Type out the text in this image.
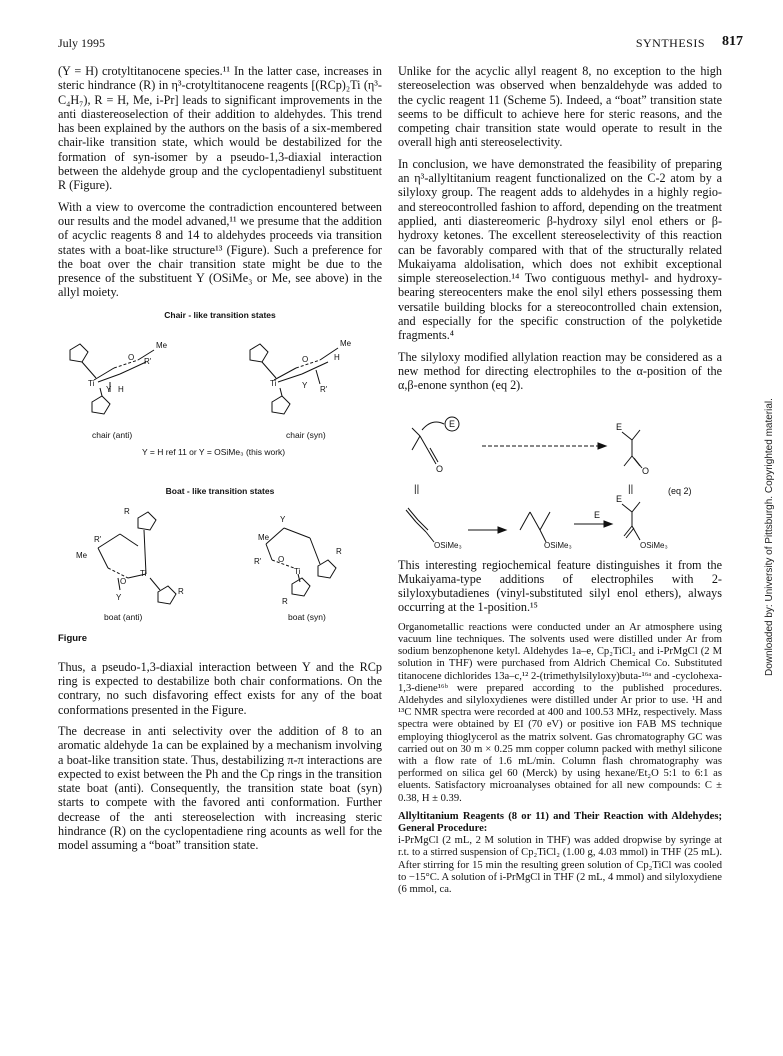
July 1995	SYNTHESIS 817

(Y = H) crotyltitanocene species.¹¹ In the latter case, increases in steric hindrance (R) in η³-crotyltitanocene reagents [(RCp)₂Ti (η³-C₄H₇), R = H, Me, i-Pr] leads to significant improvements in the anti diastereoselection of their addition to aldehydes. This trend has been explained by the authors on the basis of a six-membered chair-like transition state, which would be destabilized for the formation of syn-isomer by a pseudo-1,3-diaxial interaction between the aldehyde group and the cyclopentadienyl substituent R (Figure).

With a view to overcome the contradiction encountered between our results and the model advaned,¹¹ we presume that the addition of acyclic reagents 8 and 14 to aldehydes proceeds via transition states with a boat-like structure¹³ (Figure). Such a preference for the boat over the chair transition state might be due to the presence of the substituent Y (OSiMe₃ or Me, see above) in the allyl moiety.

Chair - like transition states
Me
O R'
Ti
Y H
Me
O	H
Ti	Y R'
chair (anti)	chair (syn)
Y = H ref 11 or Y = OSiMe₃ (this work)
Boat - like transition states
R
R'
Me
O
Ti
Y
R
Me
Y
R
R' O
Ti
R
boat (anti)	boat (syn)
Figure

Thus, a pseudo-1,3-diaxial interaction between Y and the RCp ring is expected to destabilize both chair conformations. On the contrary, no such disfavoring effect exists for any of the boat conformations presented in the Figure.

The decrease in anti selectivity over the addition of 8 to an aromatic aldehyde 1a can be explained by a mechanism involving a boat-like transition state. Thus, destabilizing π-π interactions are expected to exist between the Ph and the Cp rings in the transition state boat (anti). Consequently, the transition state boat (syn) starts to compete with the favored anti conformation. Further decrease of the anti stereoselection with increasing steric hindrance (R) on the cyclopentadiene ring acounts as well for the model assuming a “boat” transition state.

Unlike for the acyclic allyl reagent 8, no exception to the high stereoselection was observed when benzaldehyde was added to the cyclic reagent 11 (Scheme 5). Indeed, a “boat” transition state seems to be difficult to achieve here for steric reasons, and the competing chair transition state would operate to result in the overall high anti stereoselectivity.

In conclusion, we have demonstrated the feasibility of preparing an η³-allyltitanium reagent functionalized on the C-2 atom by a silyloxy group. The reagent adds to aldehydes in a highly regio- and stereocontrolled fashion to afford, depending on the treatment applied, anti diastereomeric β-hydroxy silyl enol ethers or β-hydroxy ketones. The excellent stereoselectivity of this reaction can be favorably compared with that of the structurally related Mukaiyama aldolisation, which does not exhibit exceptional simple stereoselection.¹⁴ Two contiguous methyl- and hydroxy-bearing stereocenters make the enol silyl ethers possessing them versatile building blocks for a stereocontrolled chain extension, and especially for the specific construction of the polyketide fragments.⁴

The silyloxy modified allylation reaction may be considered as a new method for directing electrophiles to the α-position of the α,β-enone synthon (eq 2).

E
O
E
O
||	||	(eq 2)
OSiMe₃	OSiMe₃
E
E
OSiMe₃

This interesting regiochemical feature distinguishes it from the Mukaiyama-type additions of electrophiles with 2-silyloxybutadienes (vinyl-substituted silyl enol ethers), always occurring at the 1-position.¹⁵

Organometallic reactions were conducted under an Ar atmosphere using vacuum line techniques. The solvents used were distilled under Ar from sodium benzophenone ketyl. Aldehydes 1a–e, Cp₂TiCl₂ and i-PrMgCl (2 M solution in THF) were purchased from Aldrich Chemical Co. Substituted titanocene dichlorides 13a–c,¹² 2-(trimethylsilyloxy)buta-¹⁶ᵃ and -cyclohexa-1,3-diene¹⁶ᵇ were prepared according to the published procedures. Aldehydes and silyloxydienes were distilled under Ar prior to use. ¹H and ¹³C NMR spectra were recorded at 400 and 100.53 MHz, respectively. Mass spectra were obtained by EI (70 eV) or positive ion FAB MS technique employing thioglycerol as the matrix solvent. Gas chromatography GC was carried out on 30 m × 0.25 mm copper column packed with methyl silicone with a flow rate of 1.6 mL/min. Column flash chromatography was performed on silica gel 60 (Merck) by using hexane/Et₂O 5:1 to 6:1 as eluents. Satisfactory microanalyses obtained for all new compounds: C ± 0.38, H ± 0.39.

Allyltitanium Reagents (8 or 11) and Their Reaction with Aldehydes; General Procedure:
i-PrMgCl (2 mL, 2 M solution in THF) was added dropwise by syringe at r.t. to a stirred suspension of Cp₂TiCl₂ (1.00 g, 4.03 mmol) in THF (25 mL). After stirring for 15 min the resulting green solution of Cp₂TiCl was cooled to −15°C. A solution of i-PrMgCl in THF (2 mL, 4 mmol) and silyloxydiene (6 mmol, ca.

Downloaded by: University of Pittsburgh. Copyrighted material.
